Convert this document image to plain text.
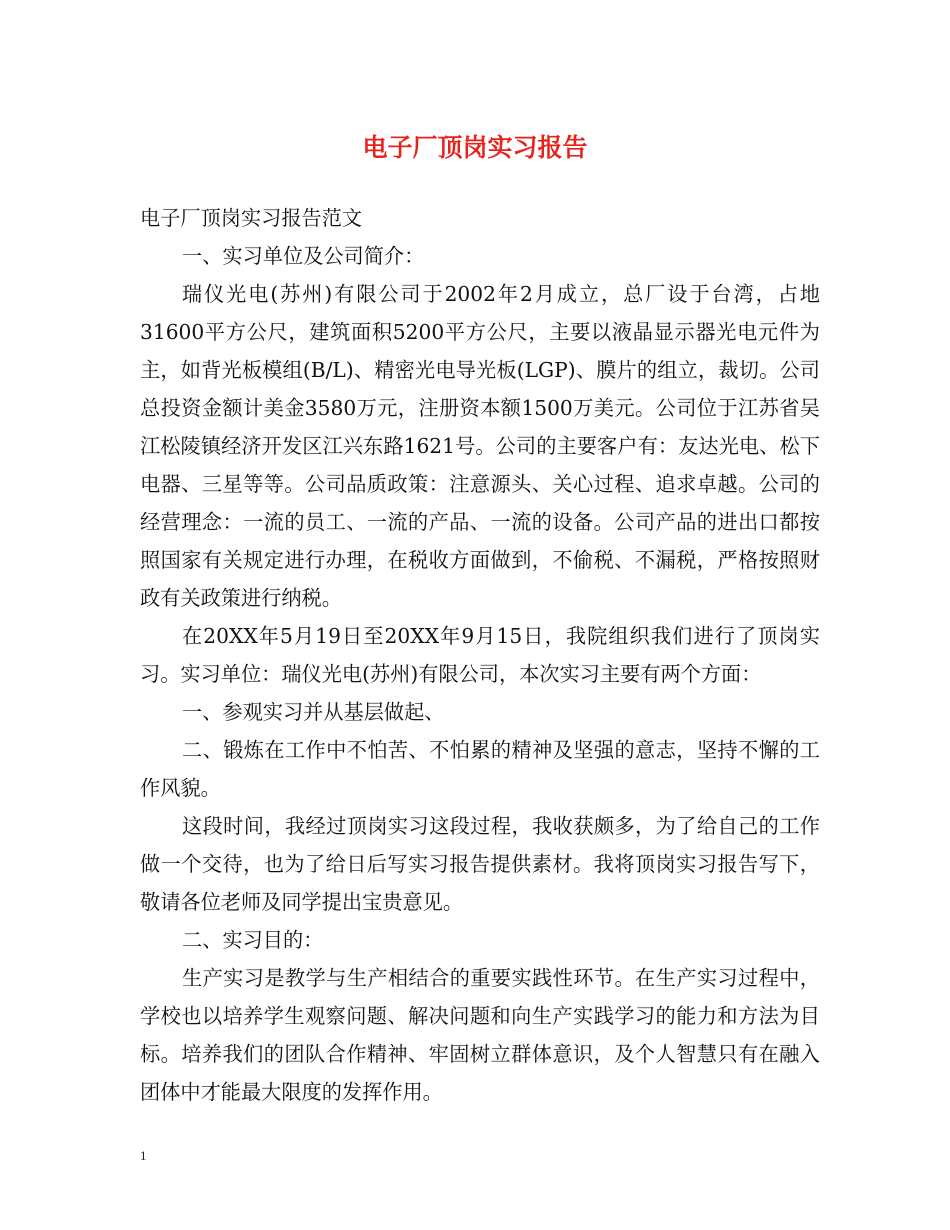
电子厂顶岗实习报告

电子厂顶岗实习报告范文

一、实习单位及公司简介：

瑞仪光电(苏州)有限公司于2002年2月成立，总厂设于台湾，占地31600平方公尺，建筑面积5200平方公尺，主要以液晶显示器光电元件为主，如背光板模组(B/L)、精密光电导光板(LGP)、膜片的组立，裁切。公司总投资金额计美金3580万元，注册资本额1500万美元。公司位于江苏省吴江松陵镇经济开发区江兴东路1621号。公司的主要客户有：友达光电、松下电器、三星等等。公司品质政策：注意源头、关心过程、追求卓越。公司的经营理念：一流的员工、一流的产品、一流的设备。公司产品的进出口都按照国家有关规定进行办理，在税收方面做到，不偷税、不漏税，严格按照财政有关政策进行纳税。

在20XX年5月19日至20XX年9月15日，我院组织我们进行了顶岗实习。实习单位：瑞仪光电(苏州)有限公司，本次实习主要有两个方面：

一、参观实习并从基层做起、

二、锻炼在工作中不怕苦、不怕累的精神及坚强的意志，坚持不懈的工作风貌。

这段时间，我经过顶岗实习这段过程，我收获颇多，为了给自己的工作做一个交待，也为了给日后写实习报告提供素材。我将顶岗实习报告写下，敬请各位老师及同学提出宝贵意见。

二、实习目的：

生产实习是教学与生产相结合的重要实践性环节。在生产实习过程中，学校也以培养学生观察问题、解决问题和向生产实践学习的能力和方法为目标。培养我们的团队合作精神、牢固树立群体意识，及个人智慧只有在融入团体中才能最大限度的发挥作用。

1
